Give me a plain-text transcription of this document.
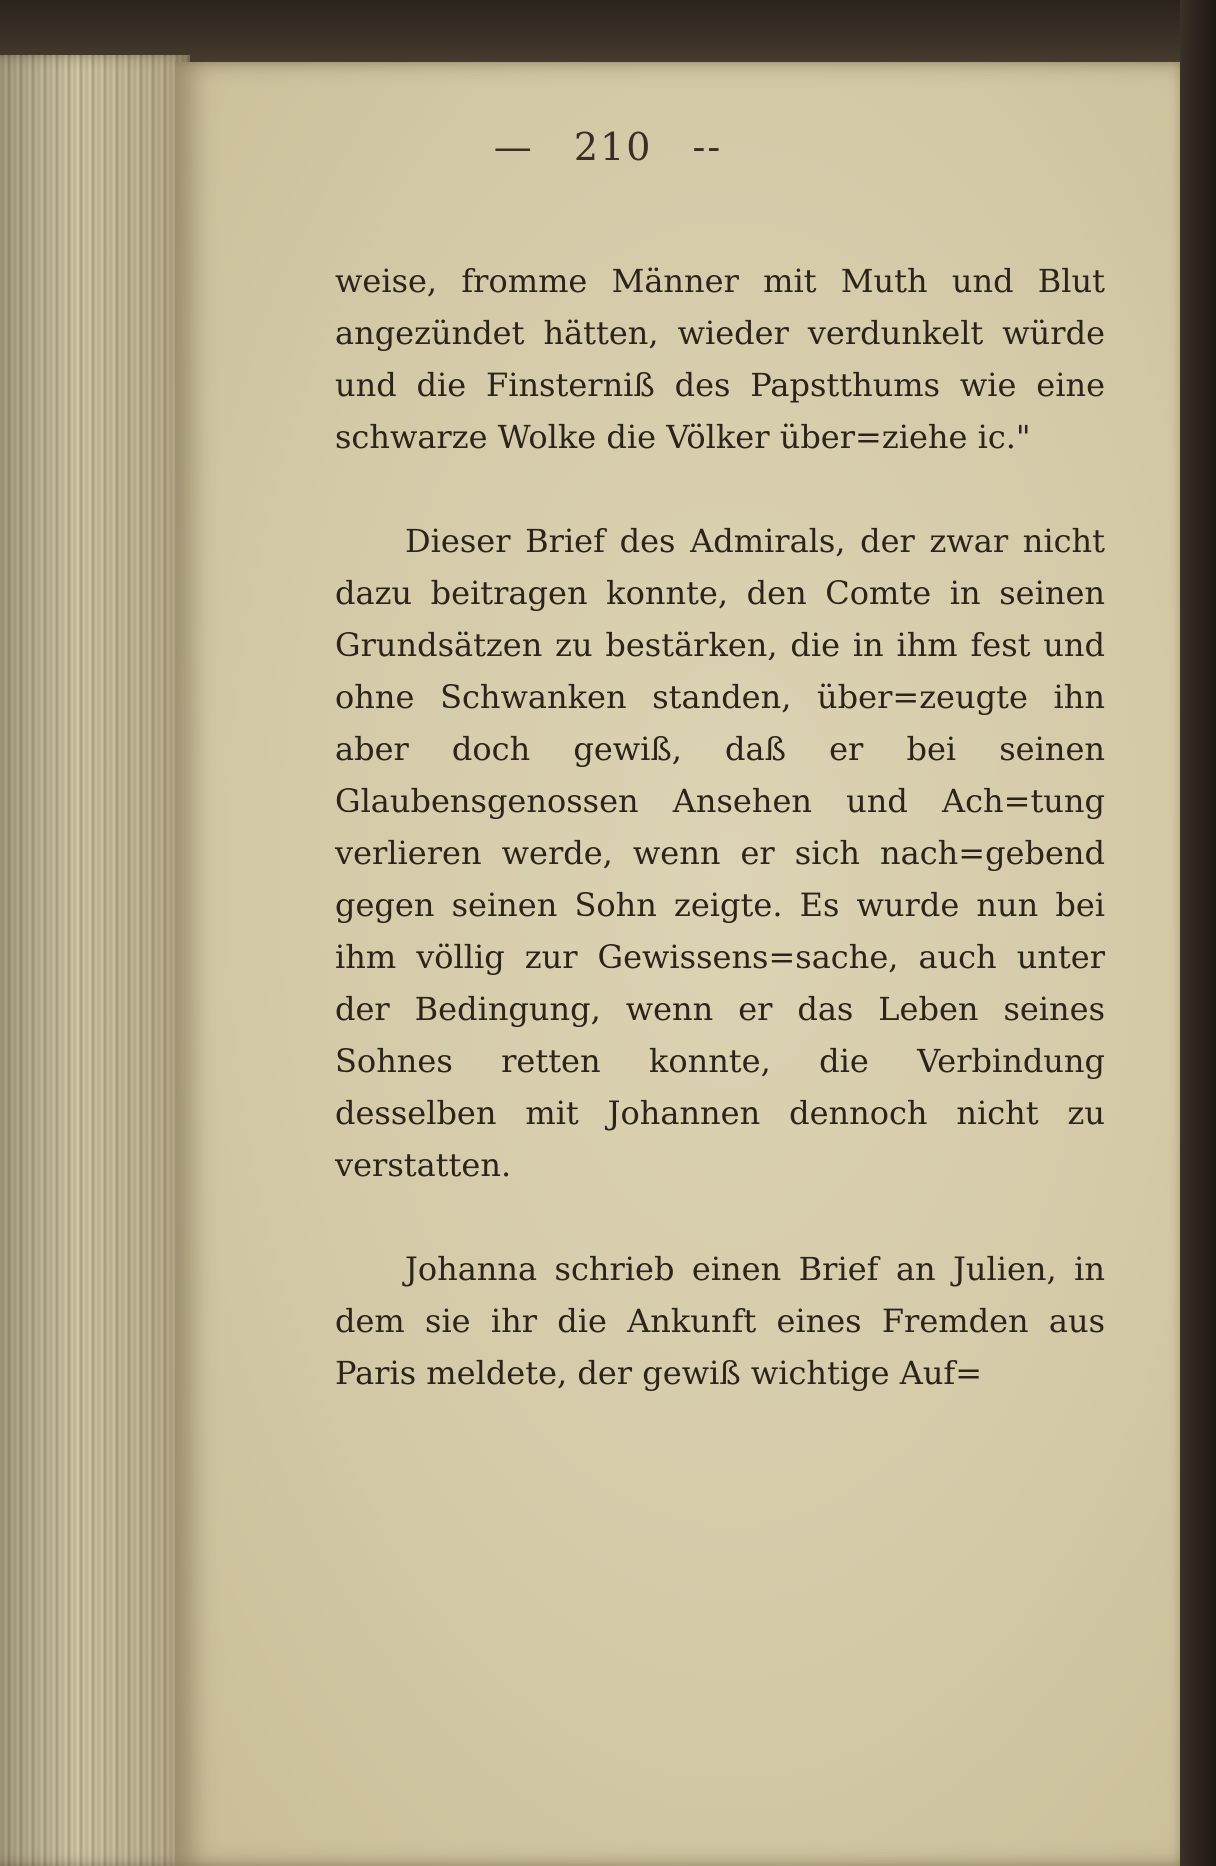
— 210 --

weise, fromme Männer mit Muth und Blut angezündet hätten, wieder verdunkelt würde und die Finsterniß des Papstthums wie eine schwarze Wolke die Völker über=ziehe ic."

Dieser Brief des Admirals, der zwar nicht dazu beitragen konnte, den Comte in seinen Grundsätzen zu bestärken, die in ihm fest und ohne Schwanken standen, über=zeugte ihn aber doch gewiß, daß er bei seinen Glaubensgenossen Ansehen und Ach=tung verlieren werde, wenn er sich nach=gebend gegen seinen Sohn zeigte. Es wurde nun bei ihm völlig zur Gewissens=sache, auch unter der Bedingung, wenn er das Leben seines Sohnes retten konnte, die Verbindung desselben mit Johannen dennoch nicht zu verstatten.

Johanna schrieb einen Brief an Julien, in dem sie ihr die Ankunft eines Fremden aus Paris meldete, der gewiß wichtige Auf=
